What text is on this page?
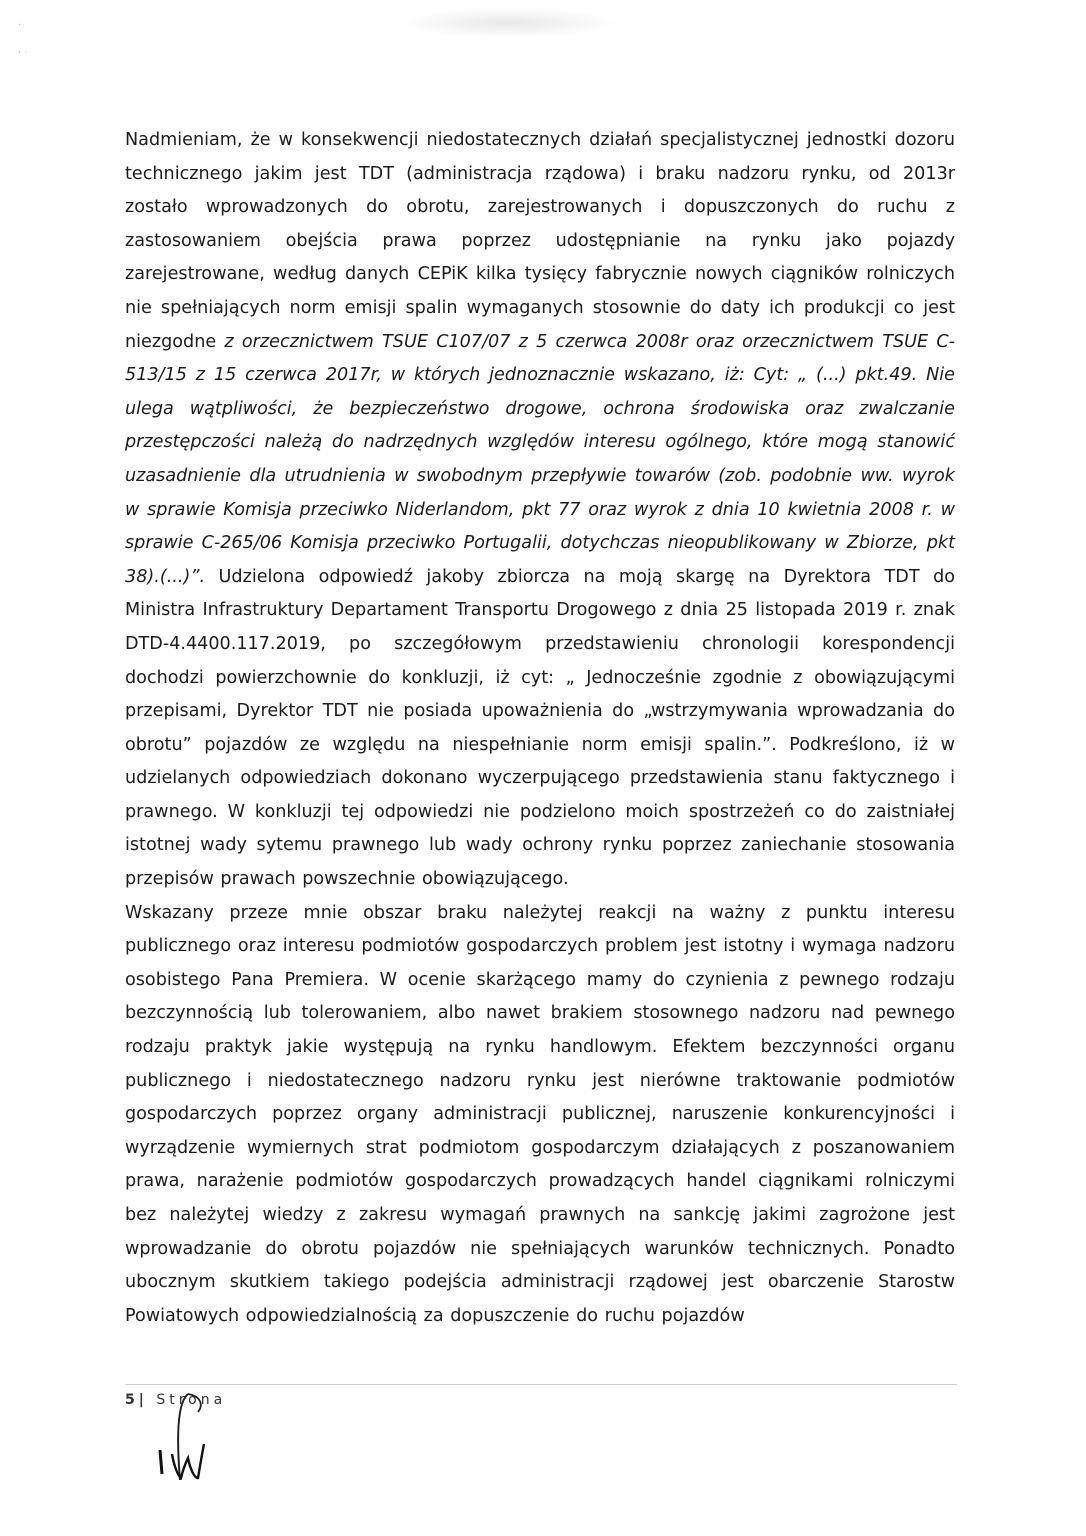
·
· ·

Nadmieniam, że w konsekwencji niedostatecznych działań specjalistycznej jednostki dozoru technicznego jakim jest TDT (administracja rządowa) i braku nadzoru rynku, od 2013r zostało wprowadzonych do obrotu, zarejestrowanych i dopuszczonych do ruchu z zastosowaniem obejścia prawa poprzez udostępnianie na rynku jako pojazdy zarejestrowane, według danych CEPiK kilka tysięcy fabrycznie nowych ciągników rolniczych nie spełniających norm emisji spalin wymaganych stosownie do daty ich produkcji co jest niezgodne z orzecznictwem TSUE C107/07 z 5 czerwca 2008r oraz orzecznictwem TSUE C-513/15 z 15 czerwca 2017r, w których jednoznacznie wskazano, iż: Cyt: „ (...) pkt.49. Nie ulega wątpliwości, że bezpieczeństwo drogowe, ochrona środowiska oraz zwalczanie przestępczości należą do nadrzędnych względów interesu ogólnego, które mogą stanowić uzasadnienie dla utrudnienia w swobodnym przepływie towarów (zob. podobnie ww. wyrok w sprawie Komisja przeciwko Niderlandom, pkt 77 oraz wyrok z dnia 10 kwietnia 2008 r. w sprawie C-265/06 Komisja przeciwko Portugalii, dotychczas nieopublikowany w Zbiorze, pkt 38).(...)”. Udzielona odpowiedź jakoby zbiorcza na moją skargę na Dyrektora TDT do Ministra Infrastruktury Departament Transportu Drogowego z dnia 25 listopada 2019 r. znak DTD-4.4400.117.2019, po szczegółowym przedstawieniu chronologii korespondencji dochodzi powierzchownie do konkluzji, iż cyt: „ Jednocześnie zgodnie z obowiązującymi przepisami, Dyrektor TDT nie posiada upoważnienia do „wstrzymywania wprowadzania do obrotu” pojazdów ze względu na niespełnianie norm emisji spalin.”. Podkreślono, iż w udzielanych odpowiedziach dokonano wyczerpującego przedstawienia stanu faktycznego i prawnego. W konkluzji tej odpowiedzi nie podzielono moich spostrzeżeń co do zaistniałej istotnej wady sytemu prawnego lub wady ochrony rynku poprzez zaniechanie stosowania przepisów prawach powszechnie obowiązującego.

Wskazany przeze mnie obszar braku należytej reakcji na ważny z punktu interesu publicznego oraz interesu podmiotów gospodarczych problem jest istotny i wymaga nadzoru osobistego Pana Premiera. W ocenie skarżącego mamy do czynienia z pewnego rodzaju bezczynnością lub tolerowaniem, albo nawet brakiem stosownego nadzoru nad pewnego rodzaju praktyk jakie występują na rynku handlowym. Efektem bezczynności organu publicznego i niedostatecznego nadzoru rynku jest nierówne traktowanie podmiotów gospodarczych poprzez organy administracji publicznej, naruszenie konkurencyjności i wyrządzenie wymiernych strat podmiotom gospodarczym działających z poszanowaniem prawa, narażenie podmiotów gospodarczych prowadzących handel ciągnikami rolniczymi bez należytej wiedzy z zakresu wymagań prawnych na sankcję jakimi zagrożone jest wprowadzanie do obrotu pojazdów nie spełniających warunków technicznych. Ponadto ubocznym skutkiem takiego podejścia administracji rządowej jest obarczenie Starostw Powiatowych odpowiedzialnością za dopuszczenie do ruchu pojazdów

5| Strona
